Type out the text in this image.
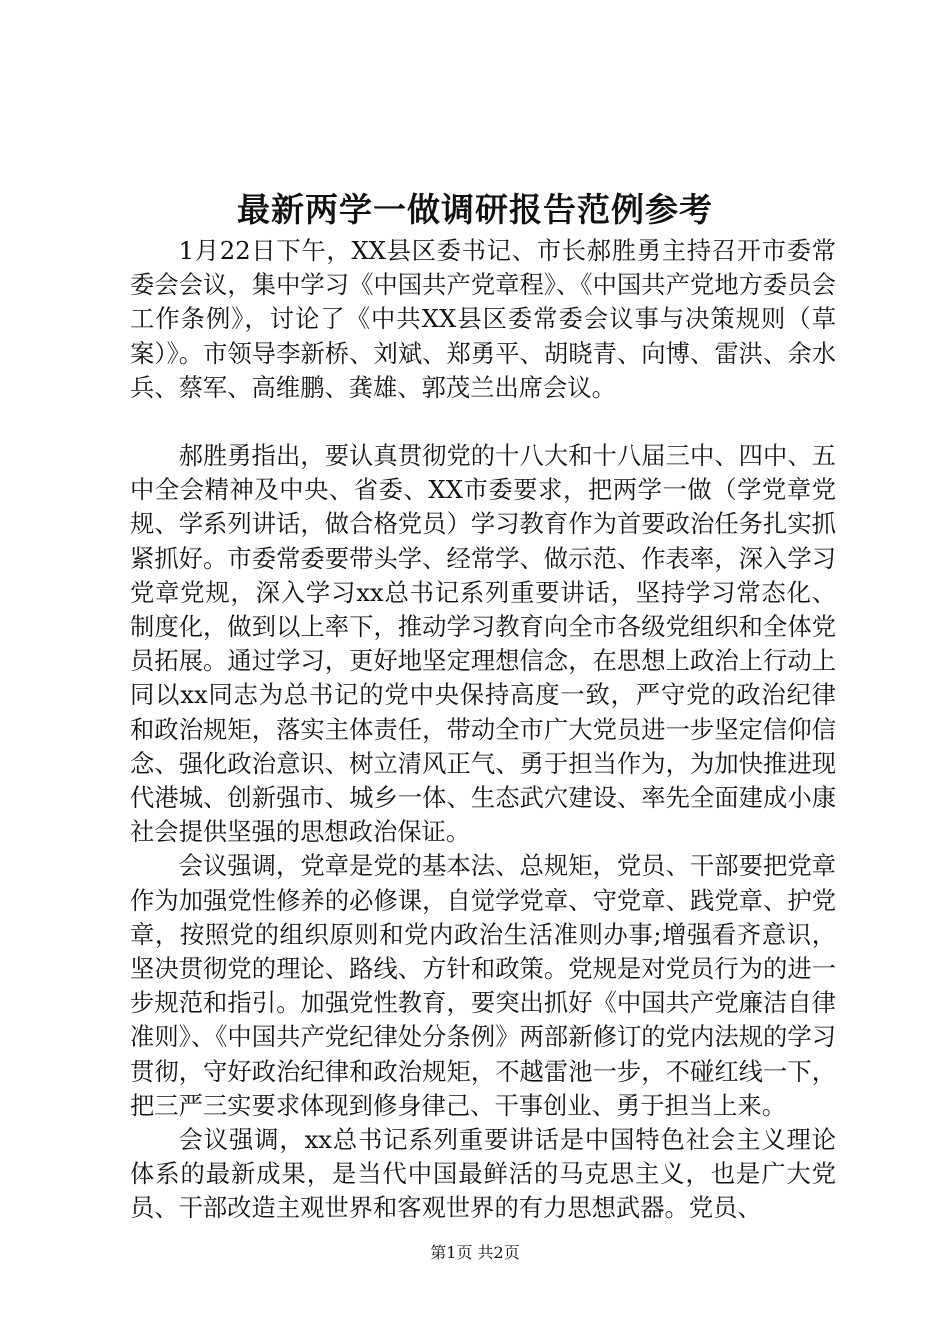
最新两学一做调研报告范例参考

1月22日下午，XX县区委书记、市长郝胜勇主持召开市委常委会会议，集中学习《中国共产党章程》、《中国共产党地方委员会工作条例》，讨论了《中共XX县区委常委会议事与决策规则（草案）》。市领导李新桥、刘斌、郑勇平、胡晓青、向博、雷洪、余水兵、蔡军、高维鹏、龚雄、郭茂兰出席会议。

郝胜勇指出，要认真贯彻党的十八大和十八届三中、四中、五中全会精神及中央、省委、XX市委要求，把两学一做（学党章党规、学系列讲话，做合格党员）学习教育作为首要政治任务扎实抓紧抓好。市委常委要带头学、经常学、做示范、作表率，深入学习党章党规，深入学习xx总书记系列重要讲话，坚持学习常态化、制度化，做到以上率下，推动学习教育向全市各级党组织和全体党员拓展。通过学习，更好地坚定理想信念，在思想上政治上行动上同以xx同志为总书记的党中央保持高度一致，严守党的政治纪律和政治规矩，落实主体责任，带动全市广大党员进一步坚定信仰信念、强化政治意识、树立清风正气、勇于担当作为，为加快推进现代港城、创新强市、城乡一体、生态武穴建设、率先全面建成小康社会提供坚强的思想政治保证。

会议强调，党章是党的基本法、总规矩，党员、干部要把党章作为加强党性修养的必修课，自觉学党章、守党章、践党章、护党章，按照党的组织原则和党内政治生活准则办事;增强看齐意识，坚决贯彻党的理论、路线、方针和政策。党规是对党员行为的进一步规范和指引。加强党性教育，要突出抓好《中国共产党廉洁自律准则》、《中国共产党纪律处分条例》两部新修订的党内法规的学习贯彻，守好政治纪律和政治规矩，不越雷池一步，不碰红线一下，把三严三实要求体现到修身律己、干事创业、勇于担当上来。

会议强调，xx总书记系列重要讲话是中国特色社会主义理论体系的最新成果，是当代中国最鲜活的马克思主义，也是广大党员、干部改造主观世界和客观世界的有力思想武器。党员、

第1页 共2页
